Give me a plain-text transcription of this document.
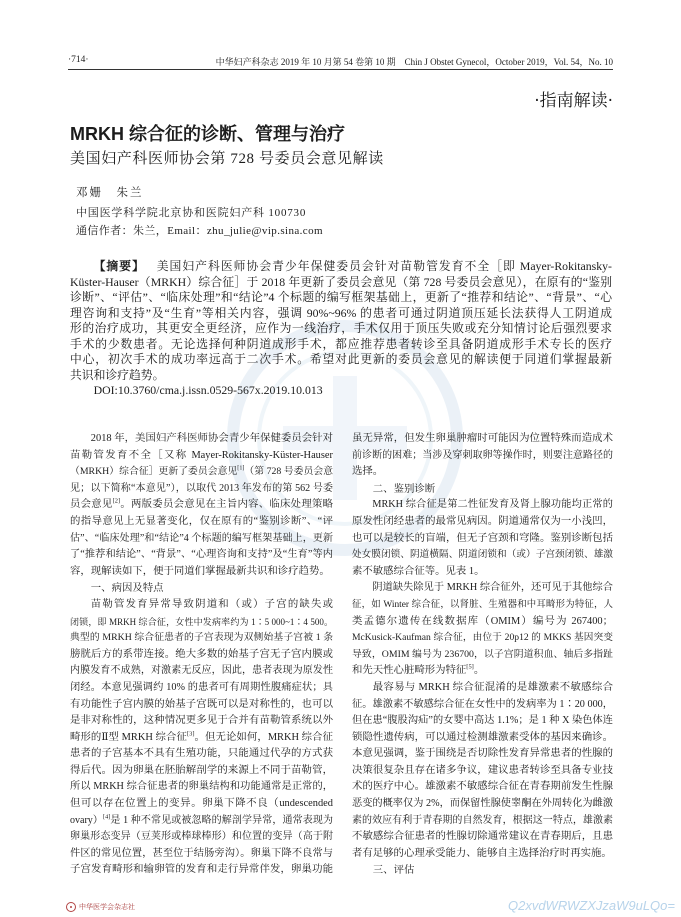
·714·	中华妇产科杂志 2019 年 10 月第 54 卷第 10 期　Chin J Obstet Gynecol，October 2019，Vol. 54，No. 10
·指南解读·
MRKH 综合征的诊断、管理与治疗
美国妇产科医师协会第 728 号委员会意见解读
邓姗　朱兰
中国医学科学院北京协和医院妇产科 100730
通信作者：朱兰，Email：zhu_julie@vip.sina.com
【摘要】 美国妇产科医师协会青少年保健委员会针对苗勒管发育不全［即 Mayer-Rokitansky-
Küster-Hauser（MRKH）综合征］于 2018 年更新了委员会意见（第 728 号委员会意见），在原有的“鉴别
诊断”、“评估”、“临床处理”和“结论”4 个标题的编写框架基础上，更新了“推荐和结论”、“背景”、“心
理咨询和支持”及“生育”等相关内容，强调 90%~96% 的患者可通过阴道顶压延长法获得人工阴道成
形的治疗成功，其更安全更经济，应作为一线治疗，手术仅用于顶压失败或充分知情讨论后强烈要求
手术的少数患者。无论选择何种阴道成形手术，都应推荐患者转诊至具备阴道成形手术专长的医疗
中心，初次手术的成功率远高于二次手术。希望对此更新的委员会意见的解读便于同道们掌握最新
共识和诊疗趋势。
DOI:10.3760/cma.j.issn.0529-567x.2019.10.013
2018 年，美国妇产科医师协会青少年保健委员会针对
苗勒管发育不全［又称 Mayer-Rokitansky-Küster-Hauser
（MRKH）综合征］更新了委员会意见[1]（第 728 号委员会意
见；以下简称“本意见”），以取代 2013 年发布的第 562 号委
员会意见[2]。两版委员会意见在主旨内容、临床处理策略
的指导意见上无显著变化，仅在原有的“鉴别诊断”、“评
估”、“临床处理”和“结论”4 个标题的编写框架基础上，更新
了“推荐和结论”、“背景”、“心理咨询和支持”及“生育”等内
容，现解读如下，便于同道们掌握最新共识和诊疗趋势。
一、病因及特点
苗勒管发育异常导致阴道和（或）子宫的缺失或
闭锁，即 MRKH 综合征，女性中发病率约为 1∶5 000~1∶4 500。
典型的 MRKH 综合征患者的子宫表现为双侧始基子宫被 1 条
膀胱后方的系带连接。绝大多数的始基子宫无子宫内膜或
内膜发育不成熟，对激素无反应，因此，患者表现为原发性
闭经。本意见强调约 10% 的患者可有周期性腹痛症状；具
有功能性子宫内膜的始基子宫既可以是对称性的，也可以
是非对称性的，这种情况更多见于合并有苗勒管系统以外
畸形的Ⅱ型 MRKH 综合征[3]。但无论如何，MRKH 综合征
患者的子宫基本不具有生殖功能，只能通过代孕的方式获
得后代。因为卵巢在胚胎解剖学的来源上不同于苗勒管，
所以 MRKH 综合征患者的卵巢结构和功能通常是正常的，
但可以存在位置上的变异。卵巢下降不良（undescended
ovary）[4]是 1 种不常见或被忽略的解剖学异常，通常表现为
卵巢形态变异（豆荚形或棒球棒形）和位置的变异（高于附
件区的常见位置，甚至位于结肠旁沟）。卵巢下降不良常与
子宫发育畸形和输卵管的发育和走行异常伴发，卵巢功能
虽无异常，但发生卵巢肿瘤时可能因为位置特殊而造成术
前诊断的困难；当涉及穿刺取卵等操作时，则要注意路径的
选择。
二、鉴别诊断
MRKH 综合征是第二性征发育及肾上腺功能均正常的
原发性闭经患者的最常见病因。阴道通常仅为一小浅凹，
也可以是较长的盲端，但无子宫颈和穹隆。鉴别诊断包括
处女膜闭锁、阴道横隔、阴道闭锁和（或）子宫颈闭锁、雄激
素不敏感综合征等。见表 1。
阴道缺失除见于 MRKH 综合征外，还可见于其他综合
征，如 Winter 综合征，以肾脏、生殖器和中耳畸形为特征，人
类孟德尔遗传在线数据库（OMIM）编号为 267400；
McKusick-Kaufman 综合征，由位于 20p12 的 MKKS 基因突变
导致，OMIM 编号为 236700，以子宫阴道积血、轴后多指趾
和先天性心脏畸形为特征[5]。
最容易与 MRKH 综合征混淆的是雄激素不敏感综合
征。雄激素不敏感综合征在女性中的发病率为 1∶20 000，
但在患“腹股沟疝”的女婴中高达 1.1%；是 1 种 X 染色体连
锁隐性遗传病，可以通过检测雄激素受体的基因来确诊。
本意见强调，鉴于围绕是否切除性发育异常患者的性腺的
决策很复杂且存在诸多争议，建议患者转诊至具备专业技
术的医疗中心。雄激素不敏感综合征在青春期前发生性腺
恶变的概率仅为 2%，而保留性腺使睾酮在外周转化为雌激
素的效应有利于青春期的自然发育，根据这一特点，雄激素
不敏感综合征患者的性腺切除通常建议在青春期后，且患
者有足够的心理承受能力、能够自主选择治疗时再实施。
三、评估
中华医学会杂志社	Q2xvdWRWZXJzaW9uLQo=
